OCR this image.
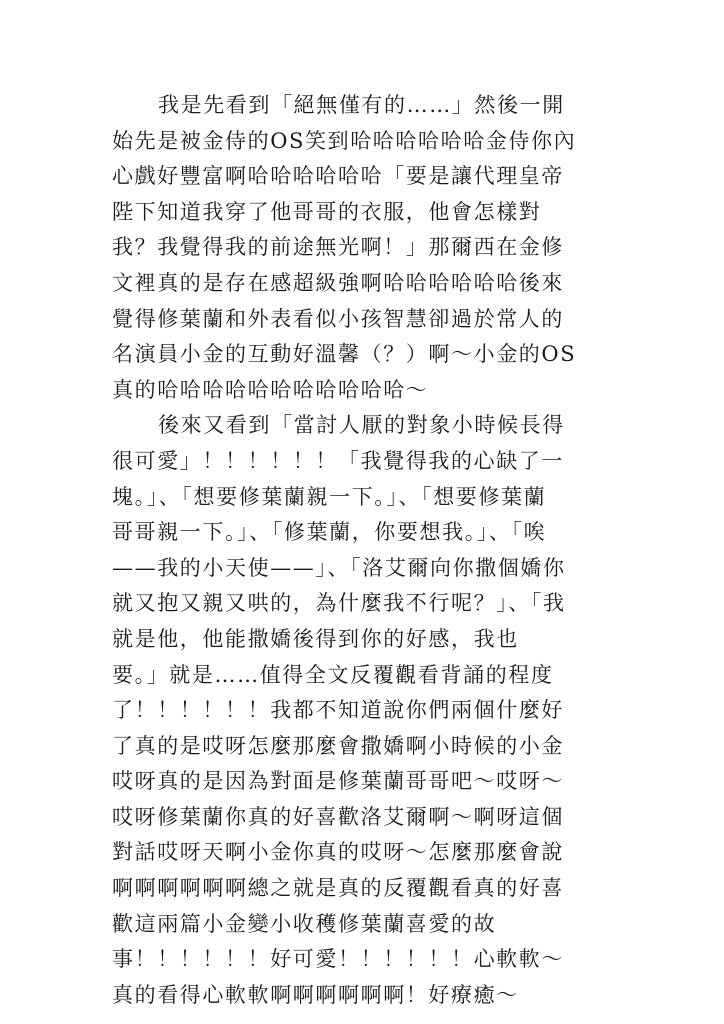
我是先看到「絕無僅有的……」然後一開
始先是被金侍的OS笑到哈哈哈哈哈哈金侍你內
心戲好豐富啊哈哈哈哈哈哈「要是讓代理皇帝
陛下知道我穿了他哥哥的衣服，他會怎樣對
我？我覺得我的前途無光啊！」那爾西在金修
文裡真的是存在感超級強啊哈哈哈哈哈哈後來
覺得修葉蘭和外表看似小孩智慧卻過於常人的
名演員小金的互動好溫馨（？）啊～小金的OS
真的哈哈哈哈哈哈哈哈哈哈哈～
後來又看到「當討人厭的對象小時候長得
很可愛」！！！！！！「我覺得我的心缺了一
塊。」、「想要修葉蘭親一下。」、「想要修葉蘭
哥哥親一下。」、「修葉蘭，你要想我。」、「唉
——我的小天使——」、「洛艾爾向你撒個嬌你
就又抱又親又哄的，為什麼我不行呢？」、「我
就是他，他能撒嬌後得到你的好感，我也
要。」就是……值得全文反覆觀看背誦的程度
了！！！！！！我都不知道說你們兩個什麼好
了真的是哎呀怎麼那麼會撒嬌啊小時候的小金
哎呀真的是因為對面是修葉蘭哥哥吧～哎呀～
哎呀修葉蘭你真的好喜歡洛艾爾啊～啊呀這個
對話哎呀天啊小金你真的哎呀～怎麼那麼會說
啊啊啊啊啊啊總之就是真的反覆觀看真的好喜
歡這兩篇小金變小收穫修葉蘭喜愛的故
事！！！！！！好可愛！！！！！！心軟軟～
真的看得心軟軟啊啊啊啊啊啊！好療癒～
